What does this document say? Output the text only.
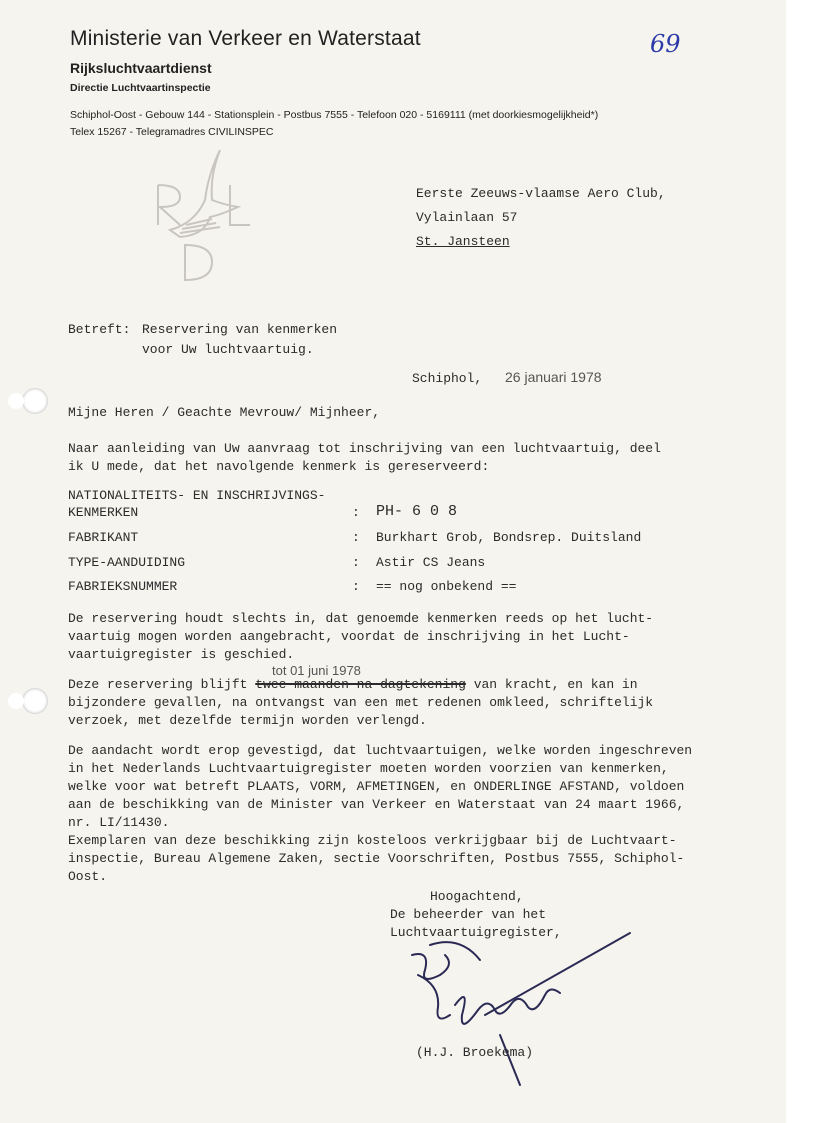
Ministerie van Verkeer en Waterstaat
Rijksluchtvaartdienst
Directie Luchtvaartinspectie
Schiphol-Oost - Gebouw 144 - Stationsplein - Postbus 7555 - Telefoon 020 - 5169111 (met doorkiesmogelijkheid*)
Telex 15267 - Telegramadres CIVILINSPEC
69
Eerste Zeeuws-vlaamse Aero Club,
Vylainlaan 57
St. Jansteen
Betreft: Reservering van kenmerken
voor Uw luchtvaartuig.
Schiphol, 26 januari 1978
Mijne Heren / Geachte Mevrouw/ Mijnheer,
Naar aanleiding van Uw aanvraag tot inschrijving van een luchtvaartuig, deel
ik U mede, dat het navolgende kenmerk is gereserveerd:
NATIONALITEITS- EN INSCHRIJVINGS-
KENMERKEN	: PH- 6 0 8
FABRIKANT	: Burkhart Grob, Bondsrep. Duitsland
TYPE-AANDUIDING	: Astir CS Jeans
FABRIEKSNUMMER	: == nog onbekend ==
De reservering houdt slechts in, dat genoemde kenmerken reeds op het lucht-
vaartuig mogen worden aangebracht, voordat de inschrijving in het Lucht-
vaartuigregister is geschied.
tot 01 juni 1978
Deze reservering blijft twee maanden na dagtekening van kracht, en kan in
bijzondere gevallen, na ontvangst van een met redenen omkleed, schriftelijk
verzoek, met dezelfde termijn worden verlengd.
De aandacht wordt erop gevestigd, dat luchtvaartuigen, welke worden ingeschreven
in het Nederlands Luchtvaartuigregister moeten worden voorzien van kenmerken,
welke voor wat betreft PLAATS, VORM, AFMETINGEN, en ONDERLINGE AFSTAND, voldoen
aan de beschikking van de Minister van Verkeer en Waterstaat van 24 maart 1966,
nr. LI/11430.
Exemplaren van deze beschikking zijn kosteloos verkrijgbaar bij de Luchtvaart-
inspectie, Bureau Algemene Zaken, sectie Voorschriften, Postbus 7555, Schiphol-
Oost.
Hoogachtend,
De beheerder van het
Luchtvaartuigregister,
(H.J. Broekema)
